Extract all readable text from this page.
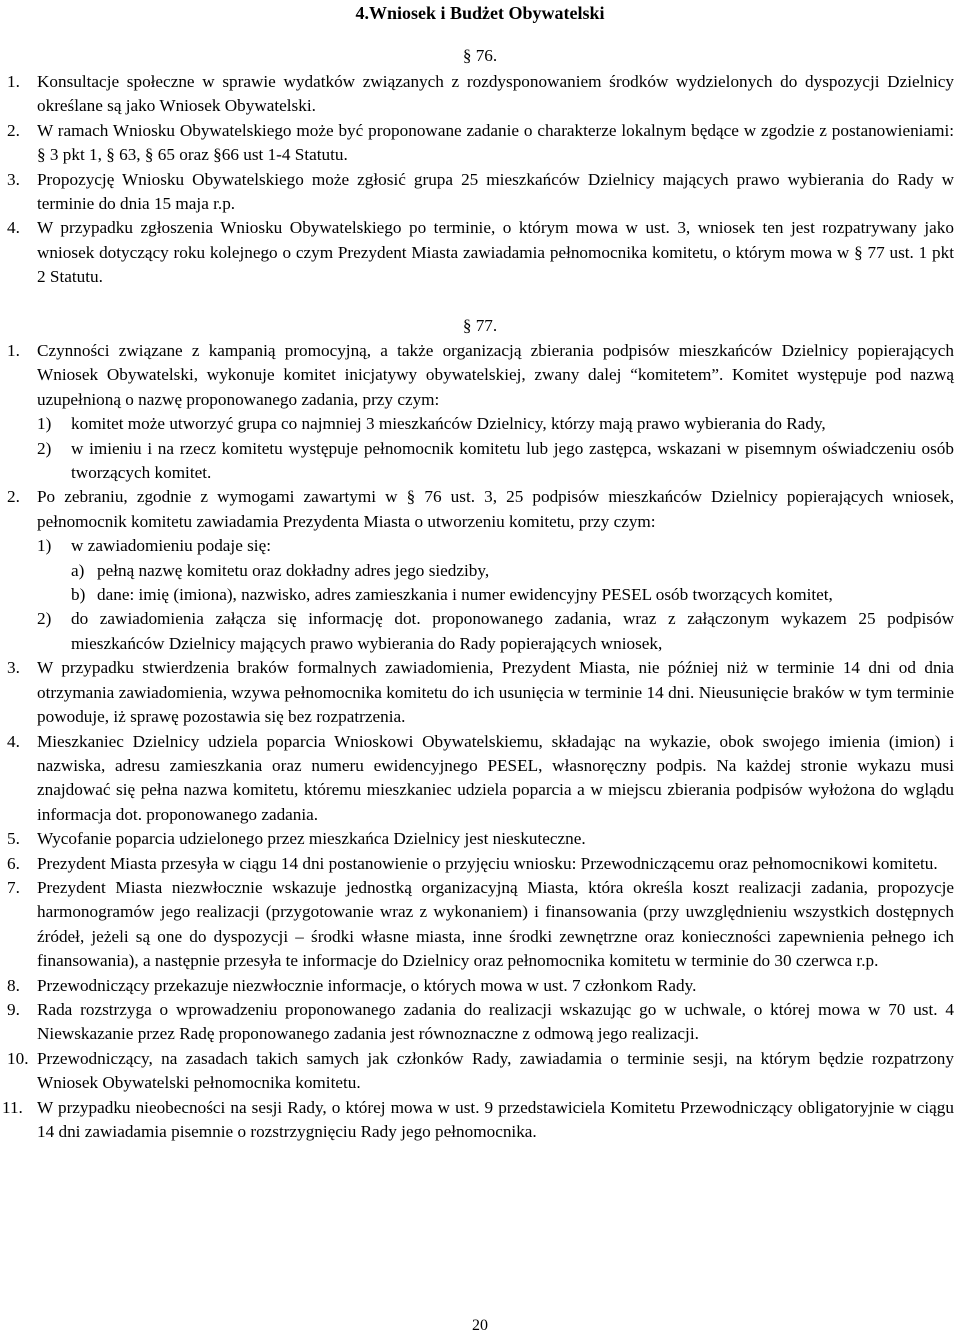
4.Wniosek i Budżet Obywatelski
§ 76.
1. Konsultacje społeczne w sprawie wydatków związanych z rozdysponowaniem środków wydzielonych do dyspozycji Dzielnicy określane są jako Wniosek Obywatelski.
2. W ramach Wniosku Obywatelskiego może być proponowane zadanie o charakterze lokalnym będące w zgodzie z postanowieniami: § 3 pkt 1, § 63, § 65 oraz §66 ust 1-4 Statutu.
3. Propozycję Wniosku Obywatelskiego może zgłosić grupa 25 mieszkańców Dzielnicy mających prawo wybierania do Rady w terminie do dnia 15 maja r.p.
4. W przypadku zgłoszenia Wniosku Obywatelskiego po terminie, o którym mowa w ust. 3, wniosek ten jest rozpatrywany jako wniosek dotyczący roku kolejnego o czym Prezydent Miasta zawiadamia pełnomocnika komitetu, o którym mowa w § 77 ust. 1 pkt 2 Statutu.
§ 77.
1. Czynności związane z kampanią promocyjną, a także organizacją zbierania podpisów mieszkańców Dzielnicy popierających Wniosek Obywatelski, wykonuje komitet inicjatywy obywatelskiej, zwany dalej “komitetem”. Komitet występuje pod nazwą uzupełnioną o nazwę proponowanego zadania, przy czym:
1) komitet może utworzyć grupa co najmniej 3 mieszkańców Dzielnicy, którzy mają prawo wybierania do Rady,
2) w imieniu i na rzecz komitetu występuje pełnomocnik komitetu lub jego zastępca, wskazani w pisemnym oświadczeniu osób tworzących komitet.
2. Po zebraniu, zgodnie z wymogami zawartymi w § 76 ust. 3, 25 podpisów mieszkańców Dzielnicy popierających wniosek, pełnomocnik komitetu zawiadamia Prezydenta Miasta o utworzeniu komitetu, przy czym:
1) w zawiadomieniu podaje się:
a) pełną nazwę komitetu oraz dokładny adres jego siedziby,
b) dane: imię (imiona), nazwisko, adres zamieszkania i numer ewidencyjny PESEL osób tworzących komitet,
2) do zawiadomienia załącza się informację dot. proponowanego zadania, wraz z załączonym wykazem 25 podpisów mieszkańców Dzielnicy mających prawo wybierania do Rady popierających wniosek,
3. W przypadku stwierdzenia braków formalnych zawiadomienia, Prezydent Miasta, nie później niż w terminie 14 dni od dnia otrzymania zawiadomienia, wzywa pełnomocnika komitetu do ich usunięcia w terminie 14 dni. Nieusunięcie braków w tym terminie powoduje, iż sprawę pozostawia się bez rozpatrzenia.
4. Mieszkaniec Dzielnicy udziela poparcia Wnioskowi Obywatelskiemu, składając na wykazie, obok swojego imienia (imion) i nazwiska, adresu zamieszkania oraz numeru ewidencyjnego PESEL, własnoręczny podpis. Na każdej stronie wykazu musi znajdować się pełna nazwa komitetu, któremu mieszkaniec udziela poparcia a w miejscu zbierania podpisów wyłożona do wglądu informacja dot. proponowanego zadania.
5. Wycofanie poparcia udzielonego przez mieszkańca Dzielnicy jest nieskuteczne.
6. Prezydent Miasta przesyła w ciągu 14 dni postanowienie o przyjęciu wniosku: Przewodniczącemu oraz pełnomocnikowi komitetu.
7. Prezydent Miasta niezwłocznie wskazuje jednostką organizacyjną Miasta, która określa koszt realizacji zadania, propozycje harmonogramów jego realizacji (przygotowanie wraz z wykonaniem) i finansowania (przy uwzględnieniu wszystkich dostępnych źródeł, jeżeli są one do dyspozycji – środki własne miasta, inne środki zewnętrzne oraz konieczności zapewnienia pełnego ich finansowania), a następnie przesyła te informacje do Dzielnicy oraz pełnomocnika komitetu w terminie do 30 czerwca r.p.
8. Przewodniczący przekazuje niezwłocznie informacje, o których mowa w ust. 7 członkom Rady.
9. Rada rozstrzyga o wprowadzeniu proponowanego zadania do realizacji wskazując go w uchwale, o której mowa w 70 ust. 4 Niewskazanie przez Radę proponowanego zadania jest równoznaczne z odmową jego realizacji.
10. Przewodniczący, na zasadach takich samych jak członków Rady, zawiadamia o terminie sesji, na którym będzie rozpatrzony Wniosek Obywatelski pełnomocnika komitetu.
11. W przypadku nieobecności na sesji Rady, o której mowa w ust. 9 przedstawiciela Komitetu Przewodniczący obligatoryjnie w ciągu 14 dni zawiadamia pisemnie o rozstrzygnięciu Rady jego pełnomocnika.
20
